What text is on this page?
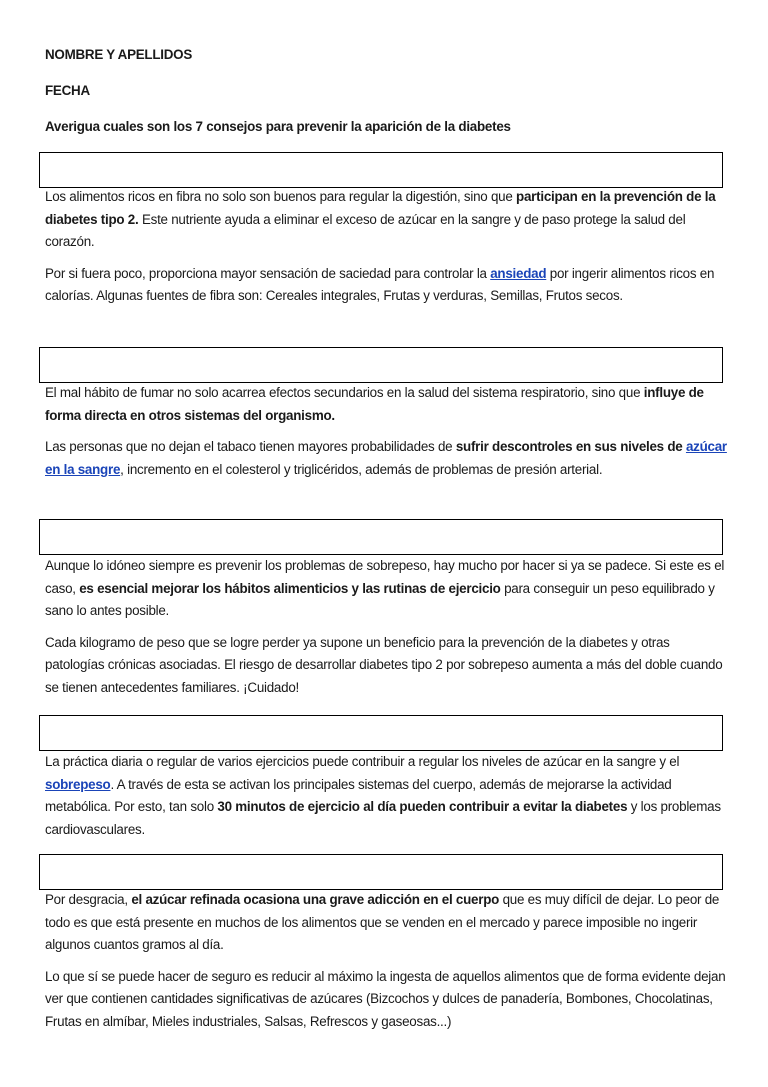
NOMBRE Y APELLIDOS

FECHA

Averigua cuales son los 7 consejos para prevenir la aparición de la diabetes

Los alimentos ricos en fibra no solo son buenos para regular la digestión, sino que participan en la prevención de la diabetes tipo 2. Este nutriente ayuda a eliminar el exceso de azúcar en la sangre y de paso protege la salud del corazón.

Por si fuera poco, proporciona mayor sensación de saciedad para controlar la ansiedad por ingerir alimentos ricos en calorías. Algunas fuentes de fibra son: Cereales integrales, Frutas y verduras, Semillas, Frutos secos.

El mal hábito de fumar no solo acarrea efectos secundarios en la salud del sistema respiratorio, sino que influye de forma directa en otros sistemas del organismo.

Las personas que no dejan el tabaco tienen mayores probabilidades de sufrir descontroles en sus niveles de azúcar en la sangre, incremento en el colesterol y triglicéridos, además de problemas de presión arterial.

Aunque lo idóneo siempre es prevenir los problemas de sobrepeso, hay mucho por hacer si ya se padece. Si este es el caso, es esencial mejorar los hábitos alimenticios y las rutinas de ejercicio para conseguir un peso equilibrado y sano lo antes posible.

Cada kilogramo de peso que se logre perder ya supone un beneficio para la prevención de la diabetes y otras patologías crónicas asociadas. El riesgo de desarrollar diabetes tipo 2 por sobrepeso aumenta a más del doble cuando se tienen antecedentes familiares. ¡Cuidado!

La práctica diaria o regular de varios ejercicios puede contribuir a regular los niveles de azúcar en la sangre y el sobrepeso. A través de esta se activan los principales sistemas del cuerpo, además de mejorarse la actividad metabólica. Por esto, tan solo 30 minutos de ejercicio al día pueden contribuir a evitar la diabetes y los problemas cardiovasculares.

Por desgracia, el azúcar refinada ocasiona una grave adicción en el cuerpo que es muy difícil de dejar. Lo peor de todo es que está presente en muchos de los alimentos que se venden en el mercado y parece imposible no ingerir algunos cuantos gramos al día.

Lo que sí se puede hacer de seguro es reducir al máximo la ingesta de aquellos alimentos que de forma evidente dejan ver que contienen cantidades significativas de azúcares (Bizcochos y dulces de panadería, Bombones, Chocolatinas, Frutas en almíbar, Mieles industriales, Salsas, Refrescos y gaseosas...)
